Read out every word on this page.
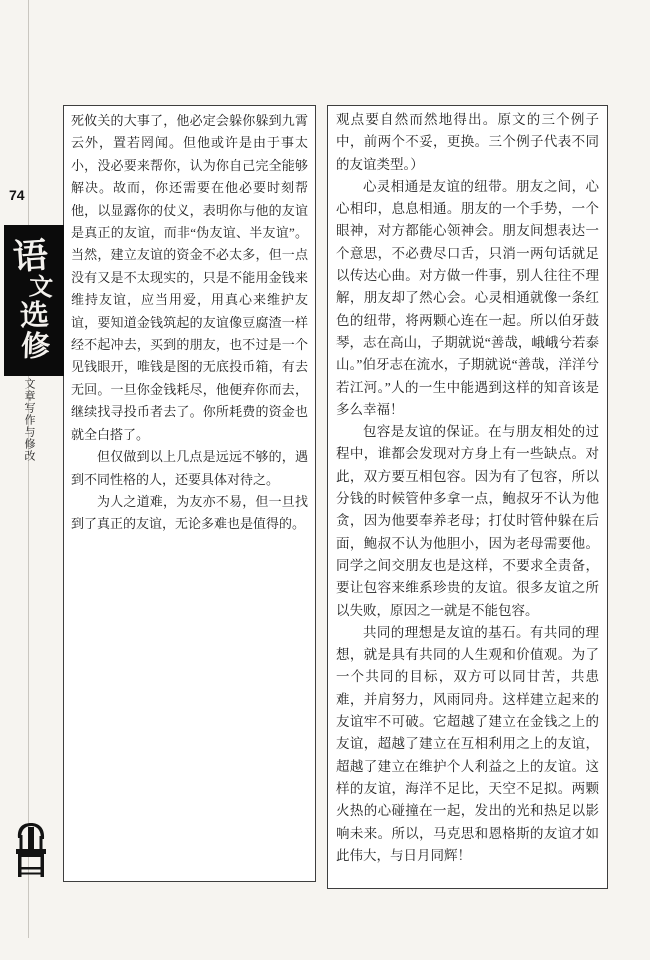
74
语
文
选
修
文章写作与修改

死攸关的大事了，他必定会躲你躲到九霄云外，置若罔闻。但他或许是由于事太小，没必要来帮你，认为你自己完全能够解决。故而，你还需要在他必要时刻帮他，以显露你的仗义，表明你与他的友谊是真正的友谊，而非“伪友谊、半友谊”。当然，建立友谊的资金不必太多，但一点没有又是不太现实的，只是不能用金钱来维持友谊，应当用爱，用真心来维护友谊，要知道金钱筑起的友谊像豆腐渣一样经不起冲去，买到的朋友，也不过是一个见钱眼开，唯钱是图的无底投币箱，有去无回。一旦你金钱耗尽，他便弃你而去，继续找寻投币者去了。你所耗费的资金也就全白搭了。

但仅做到以上几点是远远不够的，遇到不同性格的人，还要具体对待之。

为人之道难，为友亦不易，但一旦找到了真正的友谊，无论多难也是值得的。

观点要自然而然地得出。原文的三个例子中，前两个不妥，更换。三个例子代表不同的友谊类型。）

心灵相通是友谊的纽带。朋友之间，心心相印，息息相通。朋友的一个手势，一个眼神，对方都能心领神会。朋友间想表达一个意思，不必费尽口舌，只消一两句话就足以传达心曲。对方做一件事，别人往往不理解，朋友却了然心会。心灵相通就像一条红色的纽带，将两颗心连在一起。所以伯牙鼓琴，志在高山，子期就说“善哉，峨峨兮若泰山。”伯牙志在流水，子期就说“善哉，洋洋兮若江河。”人的一生中能遇到这样的知音该是多么幸福！

包容是友谊的保证。在与朋友相处的过程中，谁都会发现对方身上有一些缺点。对此，双方要互相包容。因为有了包容，所以分钱的时候管仲多拿一点，鲍叔牙不认为他贪，因为他要奉养老母；打仗时管仲躲在后面，鲍叔不认为他胆小，因为老母需要他。同学之间交朋友也是这样，不要求全责备，要让包容来维系珍贵的友谊。很多友谊之所以失败，原因之一就是不能包容。

共同的理想是友谊的基石。有共同的理想，就是具有共同的人生观和价值观。为了一个共同的目标，双方可以同甘苦，共患难，并肩努力，风雨同舟。这样建立起来的友谊牢不可破。它超越了建立在金钱之上的友谊，超越了建立在互相利用之上的友谊，超越了建立在维护个人利益之上的友谊。这样的友谊，海洋不足比，天空不足拟。两颗火热的心碰撞在一起，发出的光和热足以影响未来。所以，马克思和恩格斯的友谊才如此伟大，与日月同辉！
